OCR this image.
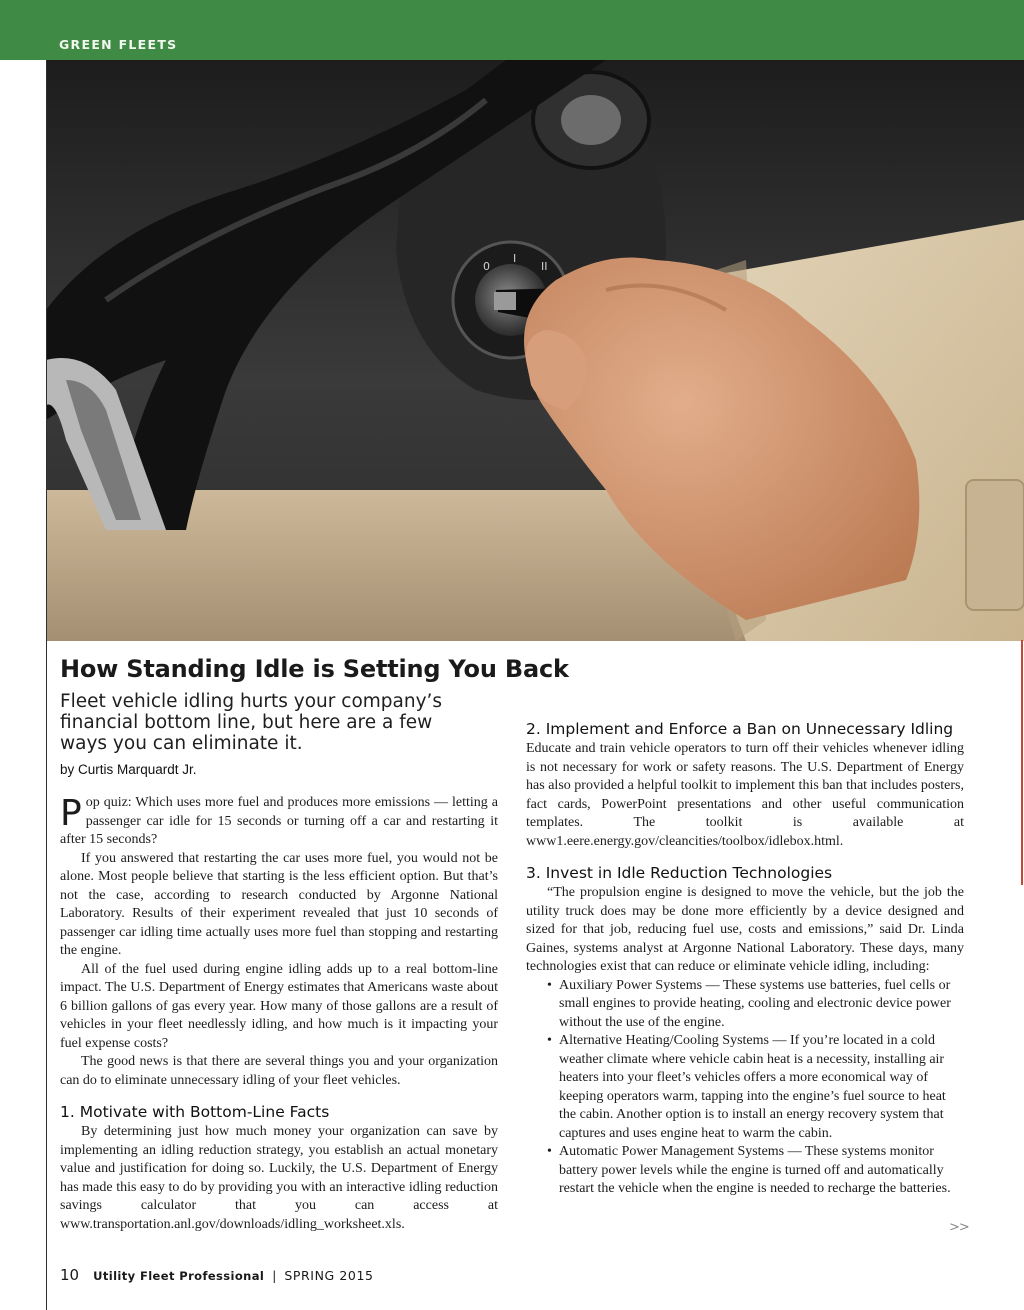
GREEN FLEETS
0
I
II
How Standing Idle is Setting You Back

Fleet vehicle idling hurts your company’s financial bottom line, but here are a few ways you can eliminate it.

by Curtis Marquardt Jr.

Pop quiz: Which uses more fuel and produces more emissions — letting a passenger car idle for 15 seconds or turning off a car and restarting it after 15 seconds?

If you answered that restarting the car uses more fuel, you would not be alone. Most people believe that starting is the less efficient option. But that’s not the case, according to research conducted by Argonne National Laboratory. Results of their experiment revealed that just 10 seconds of passenger car idling time actually uses more fuel than stopping and restarting the engine.

All of the fuel used during engine idling adds up to a real bottom-line impact. The U.S. Department of Energy estimates that Americans waste about 6 billion gallons of gas every year. How many of those gallons are a result of vehicles in your fleet needlessly idling, and how much is it impacting your fuel expense costs?

The good news is that there are several things you and your organization can do to eliminate unnecessary idling of your fleet vehicles.

1. Motivate with Bottom-Line Facts

By determining just how much money your organization can save by implementing an idling reduction strategy, you establish an actual monetary value and justification for doing so. Luckily, the U.S. Department of Energy has made this easy to do by providing you with an interactive idling reduction savings calculator that you can access at www.transportation.anl.gov/downloads/idling_worksheet.xls.

2. Implement and Enforce a Ban on Unnecessary Idling

Educate and train vehicle operators to turn off their vehicles whenever idling is not necessary for work or safety reasons. The U.S. Department of Energy has also provided a helpful toolkit to implement this ban that includes posters, fact cards, PowerPoint presentations and other useful communication templates. The toolkit is available at www1.eere.energy.gov/cleancities/toolbox/idlebox.html.

3. Invest in Idle Reduction Technologies

“The propulsion engine is designed to move the vehicle, but the job the utility truck does may be done more efficiently by a device designed and sized for that job, reducing fuel use, costs and emissions,” said Dr. Linda Gaines, systems analyst at Argonne National Laboratory. These days, many technologies exist that can reduce or eliminate vehicle idling, including:

• Auxiliary Power Systems — These systems use batteries, fuel cells or small engines to provide heating, cooling and electronic device power without the use of the engine.
• Alternative Heating/Cooling Systems — If you’re located in a cold weather climate where vehicle cabin heat is a necessity, installing air heaters into your fleet’s vehicles offers a more economical way of keeping operators warm, tapping into the engine’s fuel source to heat the cabin. Another option is to install an energy recovery system that captures and uses engine heat to warm the cabin.
• Automatic Power Management Systems — These systems monitor battery power levels while the engine is turned off and automatically restart the vehicle when the engine is needed to recharge the batteries.
>>
10 Utility Fleet Professional | SPRING 2015
